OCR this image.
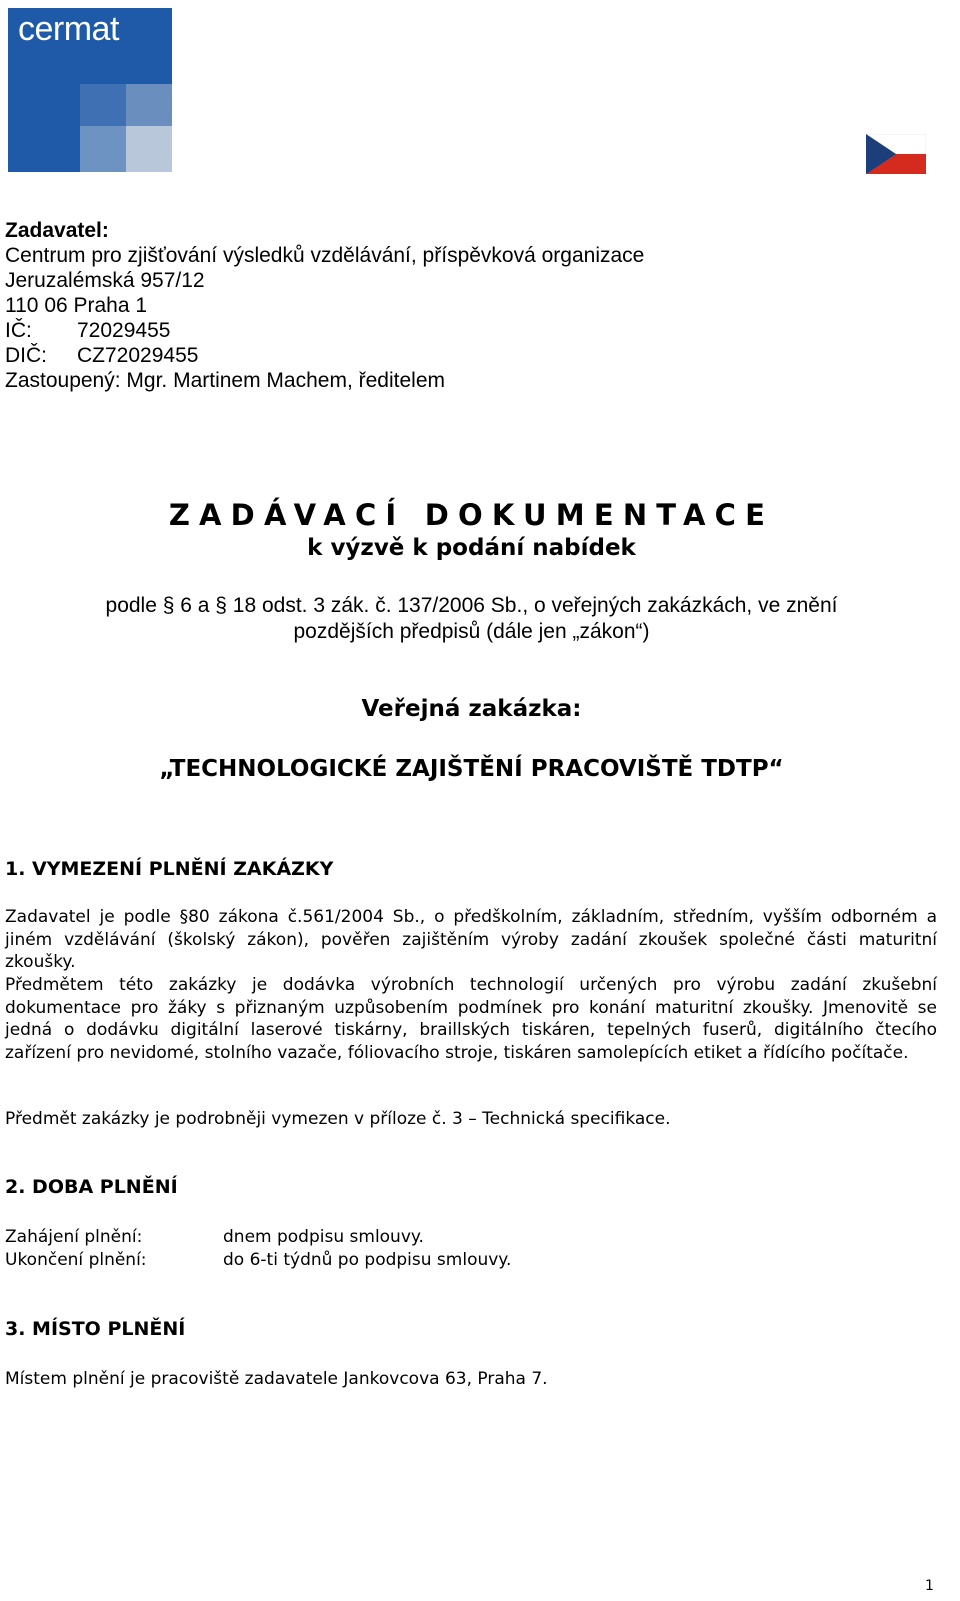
cermat
Zadavatel:
Centrum pro zjišťování výsledků vzdělávání, příspěvková organizace
Jeruzalémská 957/12
110 06 Praha 1
IČ: 72029455
DIČ: CZ72029455
Zastoupený: Mgr. Martinem Machem, ředitelem
ZADÁVACÍ DOKUMENTACE
k výzvě k podání nabídek
podle § 6 a § 18 odst. 3 zák. č. 137/2006 Sb., o veřejných zakázkách, ve znění
pozdějších předpisů (dále jen „zákon“)
Veřejná zakázka:
„TECHNOLOGICKÉ ZAJIŠTĚNÍ PRACOVIŠTĚ TDTP“
1. VYMEZENÍ PLNĚNÍ ZAKÁZKY
Zadavatel je podle §80 zákona č.561/2004 Sb., o předškolním, základním, středním, vyšším odborném a jiném vzdělávání (školský zákon), pověřen zajištěním výroby zadání zkoušek společné části maturitní zkoušky.
Předmětem této zakázky je dodávka výrobních technologií určených pro výrobu zadání zkušební dokumentace pro žáky s přiznaným uzpůsobením podmínek pro konání maturitní zkoušky. Jmenovitě se jedná o dodávku digitální laserové tiskárny, braillských tiskáren, tepelných fuserů, digitálního čtecího zařízení pro nevidomé, stolního vazače, fóliovacího stroje, tiskáren samolepících etiket a řídícího počítače.
Předmět zakázky je podrobněji vymezen v příloze č. 3 – Technická specifikace.
2. DOBA PLNĚNÍ
Zahájení plnění:	dnem podpisu smlouvy.
Ukončení plnění:	do 6-ti týdnů po podpisu smlouvy.
3. MÍSTO PLNĚNÍ
Místem plnění je pracoviště zadavatele Jankovcova 63, Praha 7.
1
